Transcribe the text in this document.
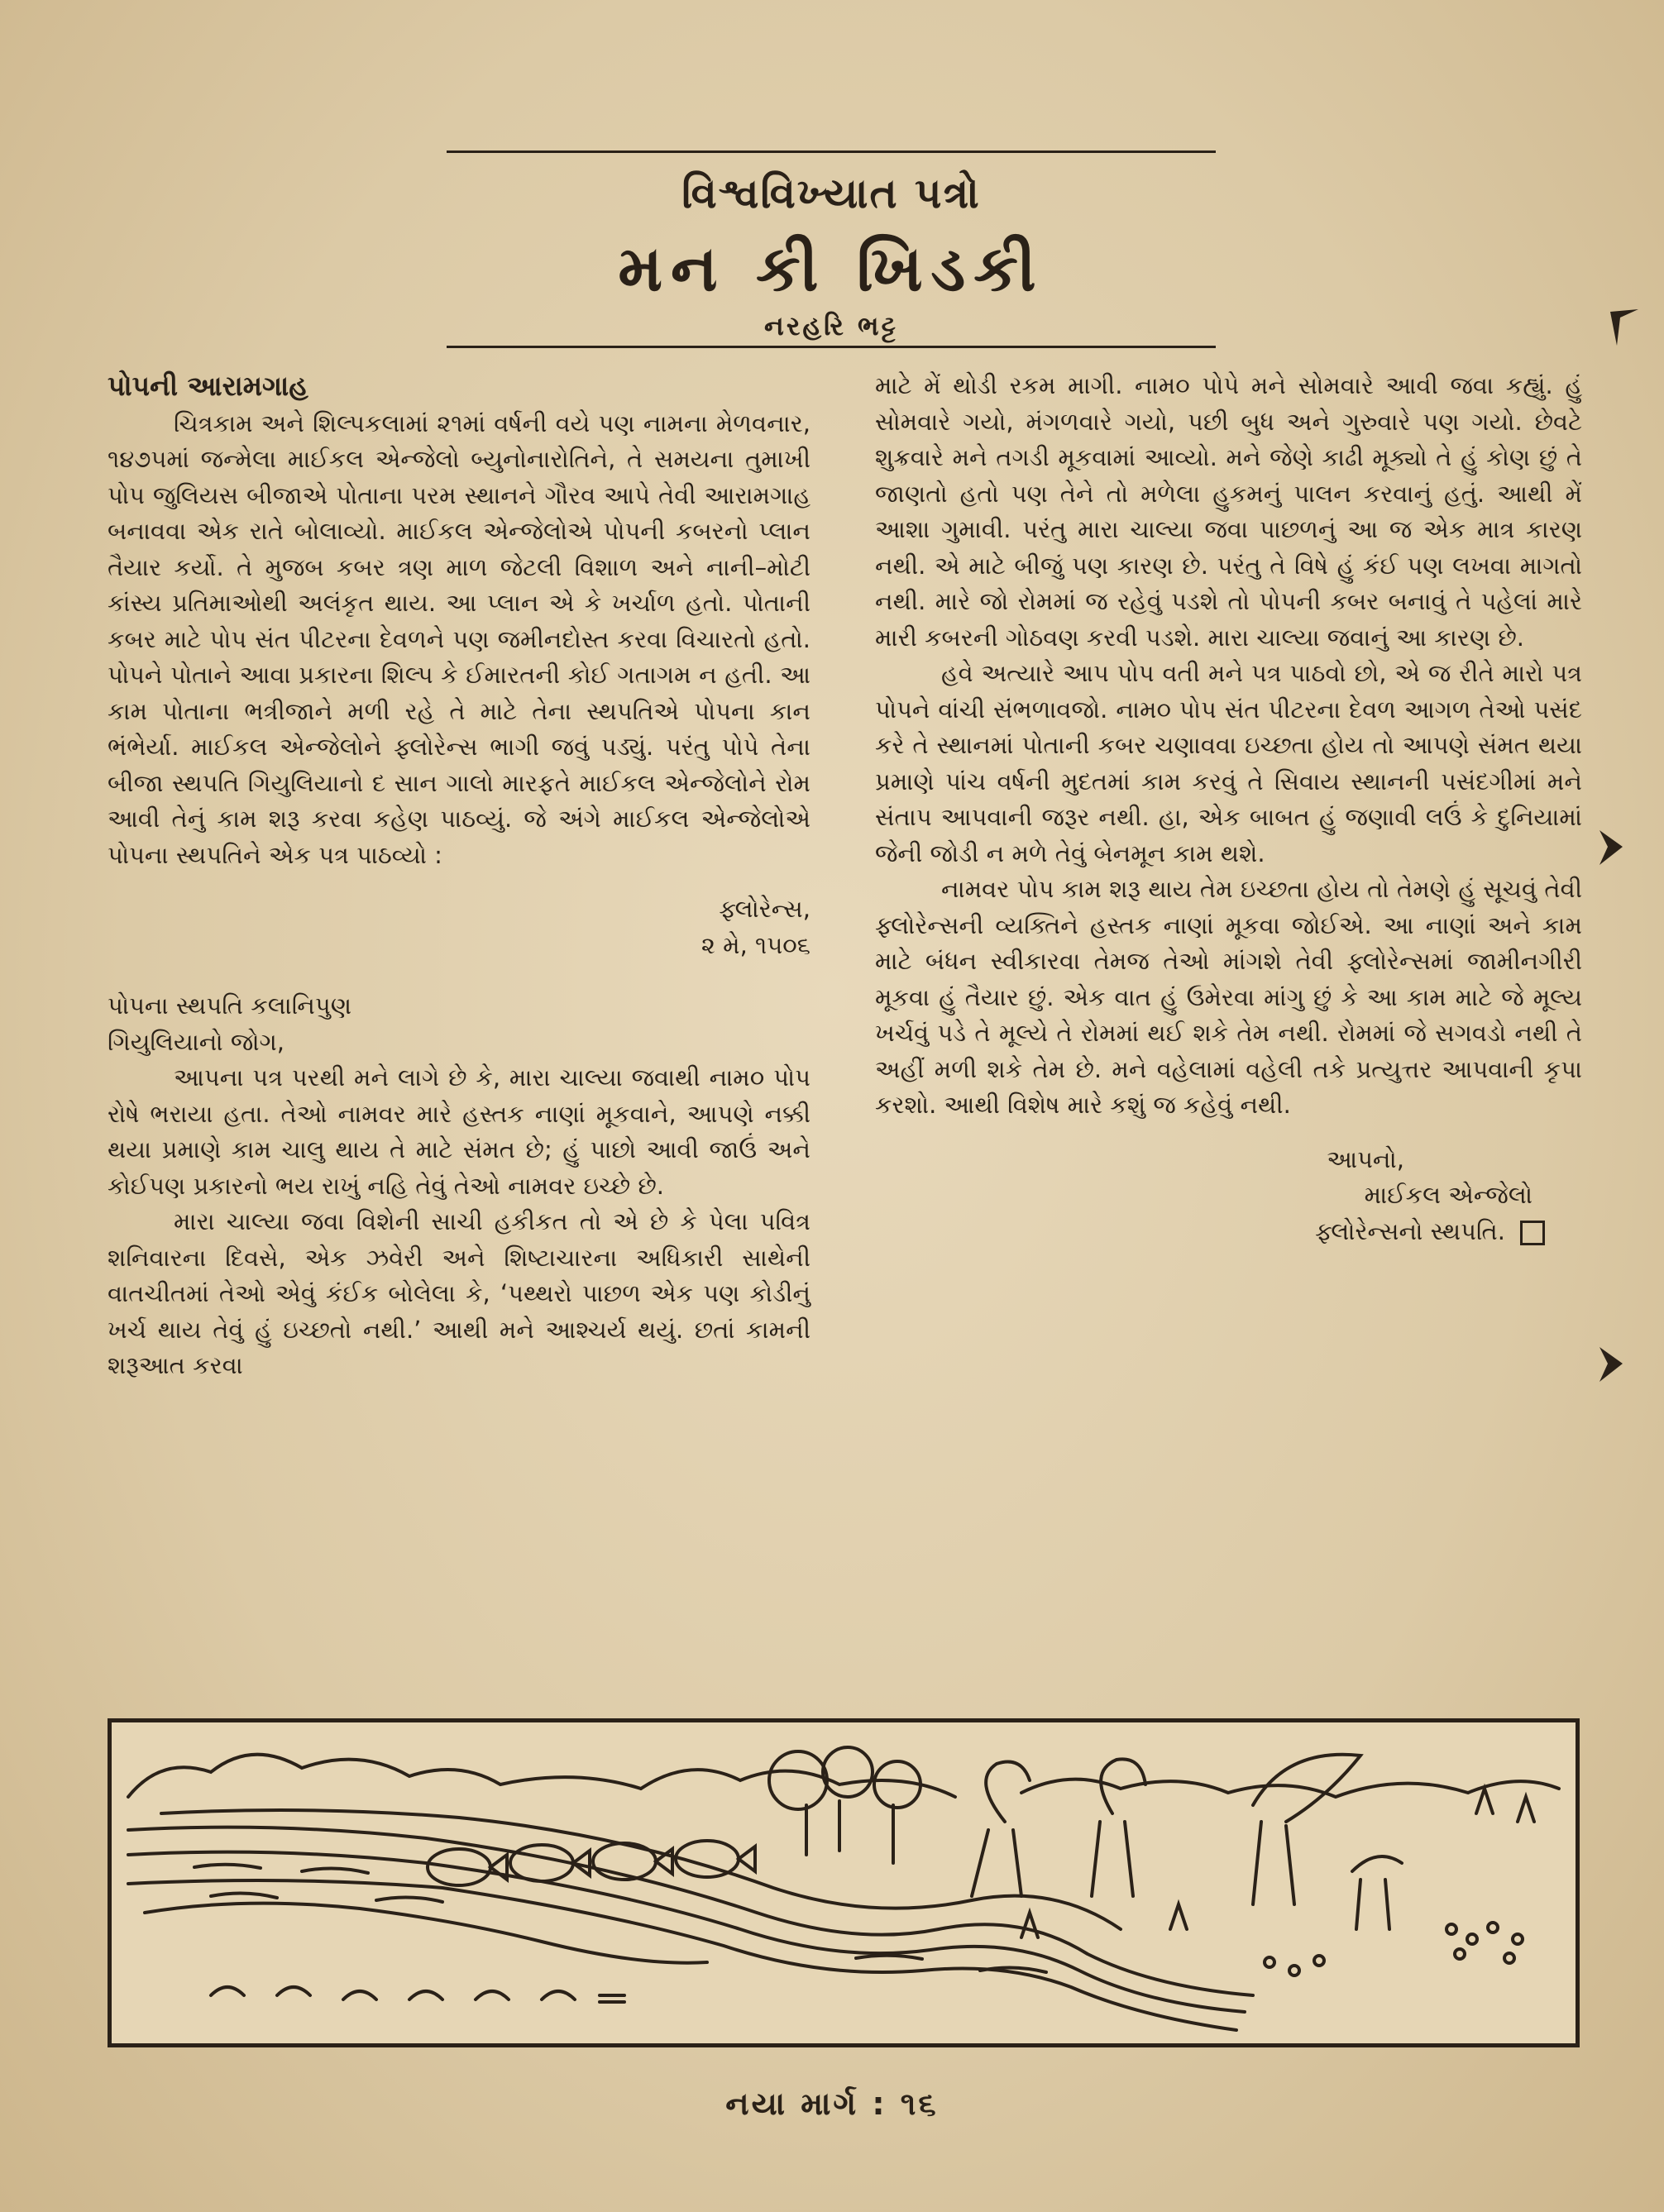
વિશ્વવિખ્યાત પત્રો
મન કી ખિડકી
નરહરિ ભટ્ટ

પોપની આરામગાહ

ચિત્રકામ અને શિલ્પકલામાં ૨૧માં વર્ષની વયે પણ નામના મેળવનાર, ૧૪૭૫માં જન્મેલા માઈકલ એન્જેલો બ્યુનોનારોતિને, તે સમયના તુમાખી પોપ જુલિયસ બીજાએ પોતાના પરમ સ્થાનને ગૌરવ આપે તેવી આરામગાહ બનાવવા એક રાતે બોલાવ્યો. માઈકલ એન્જેલોએ પોપની કબરનો પ્લાન તૈયાર કર્યો. તે મુજબ કબર ત્રણ માળ જેટલી વિશાળ અને નાની–મોટી કાંસ્ય પ્રતિમાઓથી અલંકૃત થાય. આ પ્લાન એ કે ખર્ચાળ હતો. પોતાની કબર માટે પોપ સંત પીટરના દેવળને પણ જમીનદોસ્ત કરવા વિચારતો હતો. પોપને પોતાને આવા પ્રકારના શિલ્પ કે ઈમારતની કોઈ ગતાગમ ન હતી. આ કામ પોતાના ભત્રીજાને મળી રહે તે માટે તેના સ્થપતિએ પોપના કાન ભંભેર્યા. માઈકલ એન્જેલોને ફ્લોરેન્સ ભાગી જવું પડ્યું. પરંતુ પોપે તેના બીજા સ્થપતિ ગિયુલિયાનો દ સાન ગાલો મારફતે માઈકલ એન્જેલોને રોમ આવી તેનું કામ શરૂ કરવા કહેણ પાઠવ્યું. જે અંગે માઈકલ એન્જેલોએ પોપના સ્થપતિને એક પત્ર પાઠવ્યો :

ફ્લોરેન્સ,

૨ મે, ૧૫૦૬

પોપના સ્થપતિ કલાનિપુણ

ગિયુલિયાનો જોગ,

આપના પત્ર પરથી મને લાગે છે કે, મારા ચાલ્યા જવાથી નામ૦ પોપ રોષે ભરાયા હતા. તેઓ નામવર મારે હસ્તક નાણાં મૂકવાને, આપણે નક્કી થયા પ્રમાણે કામ ચાલુ થાય તે માટે સંમત છે; હું પાછો આવી જાઉં અને કોઈપણ પ્રકારનો ભય રાખું નહિ તેવું તેઓ નામવર ઇચ્છે છે.

મારા ચાલ્યા જવા વિશેની સાચી હકીકત તો એ છે કે પેલા પવિત્ર શનિવારના દિવસે, એક ઝવેરી અને શિષ્ટાચારના અધિકારી સાથેની વાતચીતમાં તેઓ એવું કંઈક બોલેલા કે, ‘પથ્થરો પાછળ એક પણ કોડીનું ખર્ચ થાય તેવું હું ઇચ્છતો નથી.’ આથી મને આશ્ચર્ય થયું. છતાં કામની શરૂઆત કરવા

માટે મેં થોડી રકમ માગી. નામ૦ પોપે મને સોમવારે આવી જવા કહ્યું. હું સોમવારે ગયો, મંગળવારે ગયો, પછી બુધ અને ગુરુવારે પણ ગયો. છેવટે શુક્રવારે મને તગડી મૂકવામાં આવ્યો. મને જેણે કાઢી મૂક્યો તે હું કોણ છું તે જાણતો હતો પણ તેને તો મળેલા હુકમનું પાલન કરવાનું હતું. આથી મેં આશા ગુમાવી. પરંતુ મારા ચાલ્યા જવા પાછળનું આ જ એક માત્ર કારણ નથી. એ માટે બીજું પણ કારણ છે. પરંતુ તે વિષે હું કંઈ પણ લખવા માગતો નથી. મારે જો રોમમાં જ રહેવું પડશે તો પોપની કબર બનાવું તે પહેલાં મારે મારી કબરની ગોઠવણ કરવી પડશે. મારા ચાલ્યા જવાનું આ કારણ છે.

હવે અત્યારે આપ પોપ વતી મને પત્ર પાઠવો છો, એ જ રીતે મારો પત્ર પોપને વાંચી સંભળાવજો. નામ૦ પોપ સંત પીટરના દેવળ આગળ તેઓ પસંદ કરે તે સ્થાનમાં પોતાની કબર ચણાવવા ઇચ્છતા હોય તો આપણે સંમત થયા પ્રમાણે પાંચ વર્ષની મુદતમાં કામ કરવું તે સિવાય સ્થાનની પસંદગીમાં મને સંતાપ આપવાની જરૂર નથી. હા, એક બાબત હું જણાવી લઉં કે દુનિયામાં જેની જોડી ન મળે તેવું બેનમૂન કામ થશે.

નામવર પોપ કામ શરૂ થાય તેમ ઇચ્છતા હોય તો તેમણે હું સૂચવું તેવી ફ્લોરેન્સની વ્યક્તિને હસ્તક નાણાં મૂકવા જોઈએ. આ નાણાં અને કામ માટે બંધન સ્વીકારવા તેમજ તેઓ માંગશે તેવી ફ્લોરેન્સમાં જામીનગીરી મૂકવા હું તૈયાર છું. એક વાત હું ઉમેરવા માંગુ છું કે આ કામ માટે જે મૂલ્ય ખર્ચવું પડે તે મૂલ્યે તે રોમમાં થઈ શકે તેમ નથી. રોમમાં જે સગવડો નથી તે અહીં મળી શકે તેમ છે. મને વહેલામાં વહેલી તકે પ્રત્યુત્તર આપવાની કૃપા કરશો. આથી વિશેષ મારે કશું જ કહેવું નથી.

આપનો,

માઈકલ એન્જેલો

ફ્લોરેન્સનો સ્થપતિ.

નયા માર્ગ : ૧૬
